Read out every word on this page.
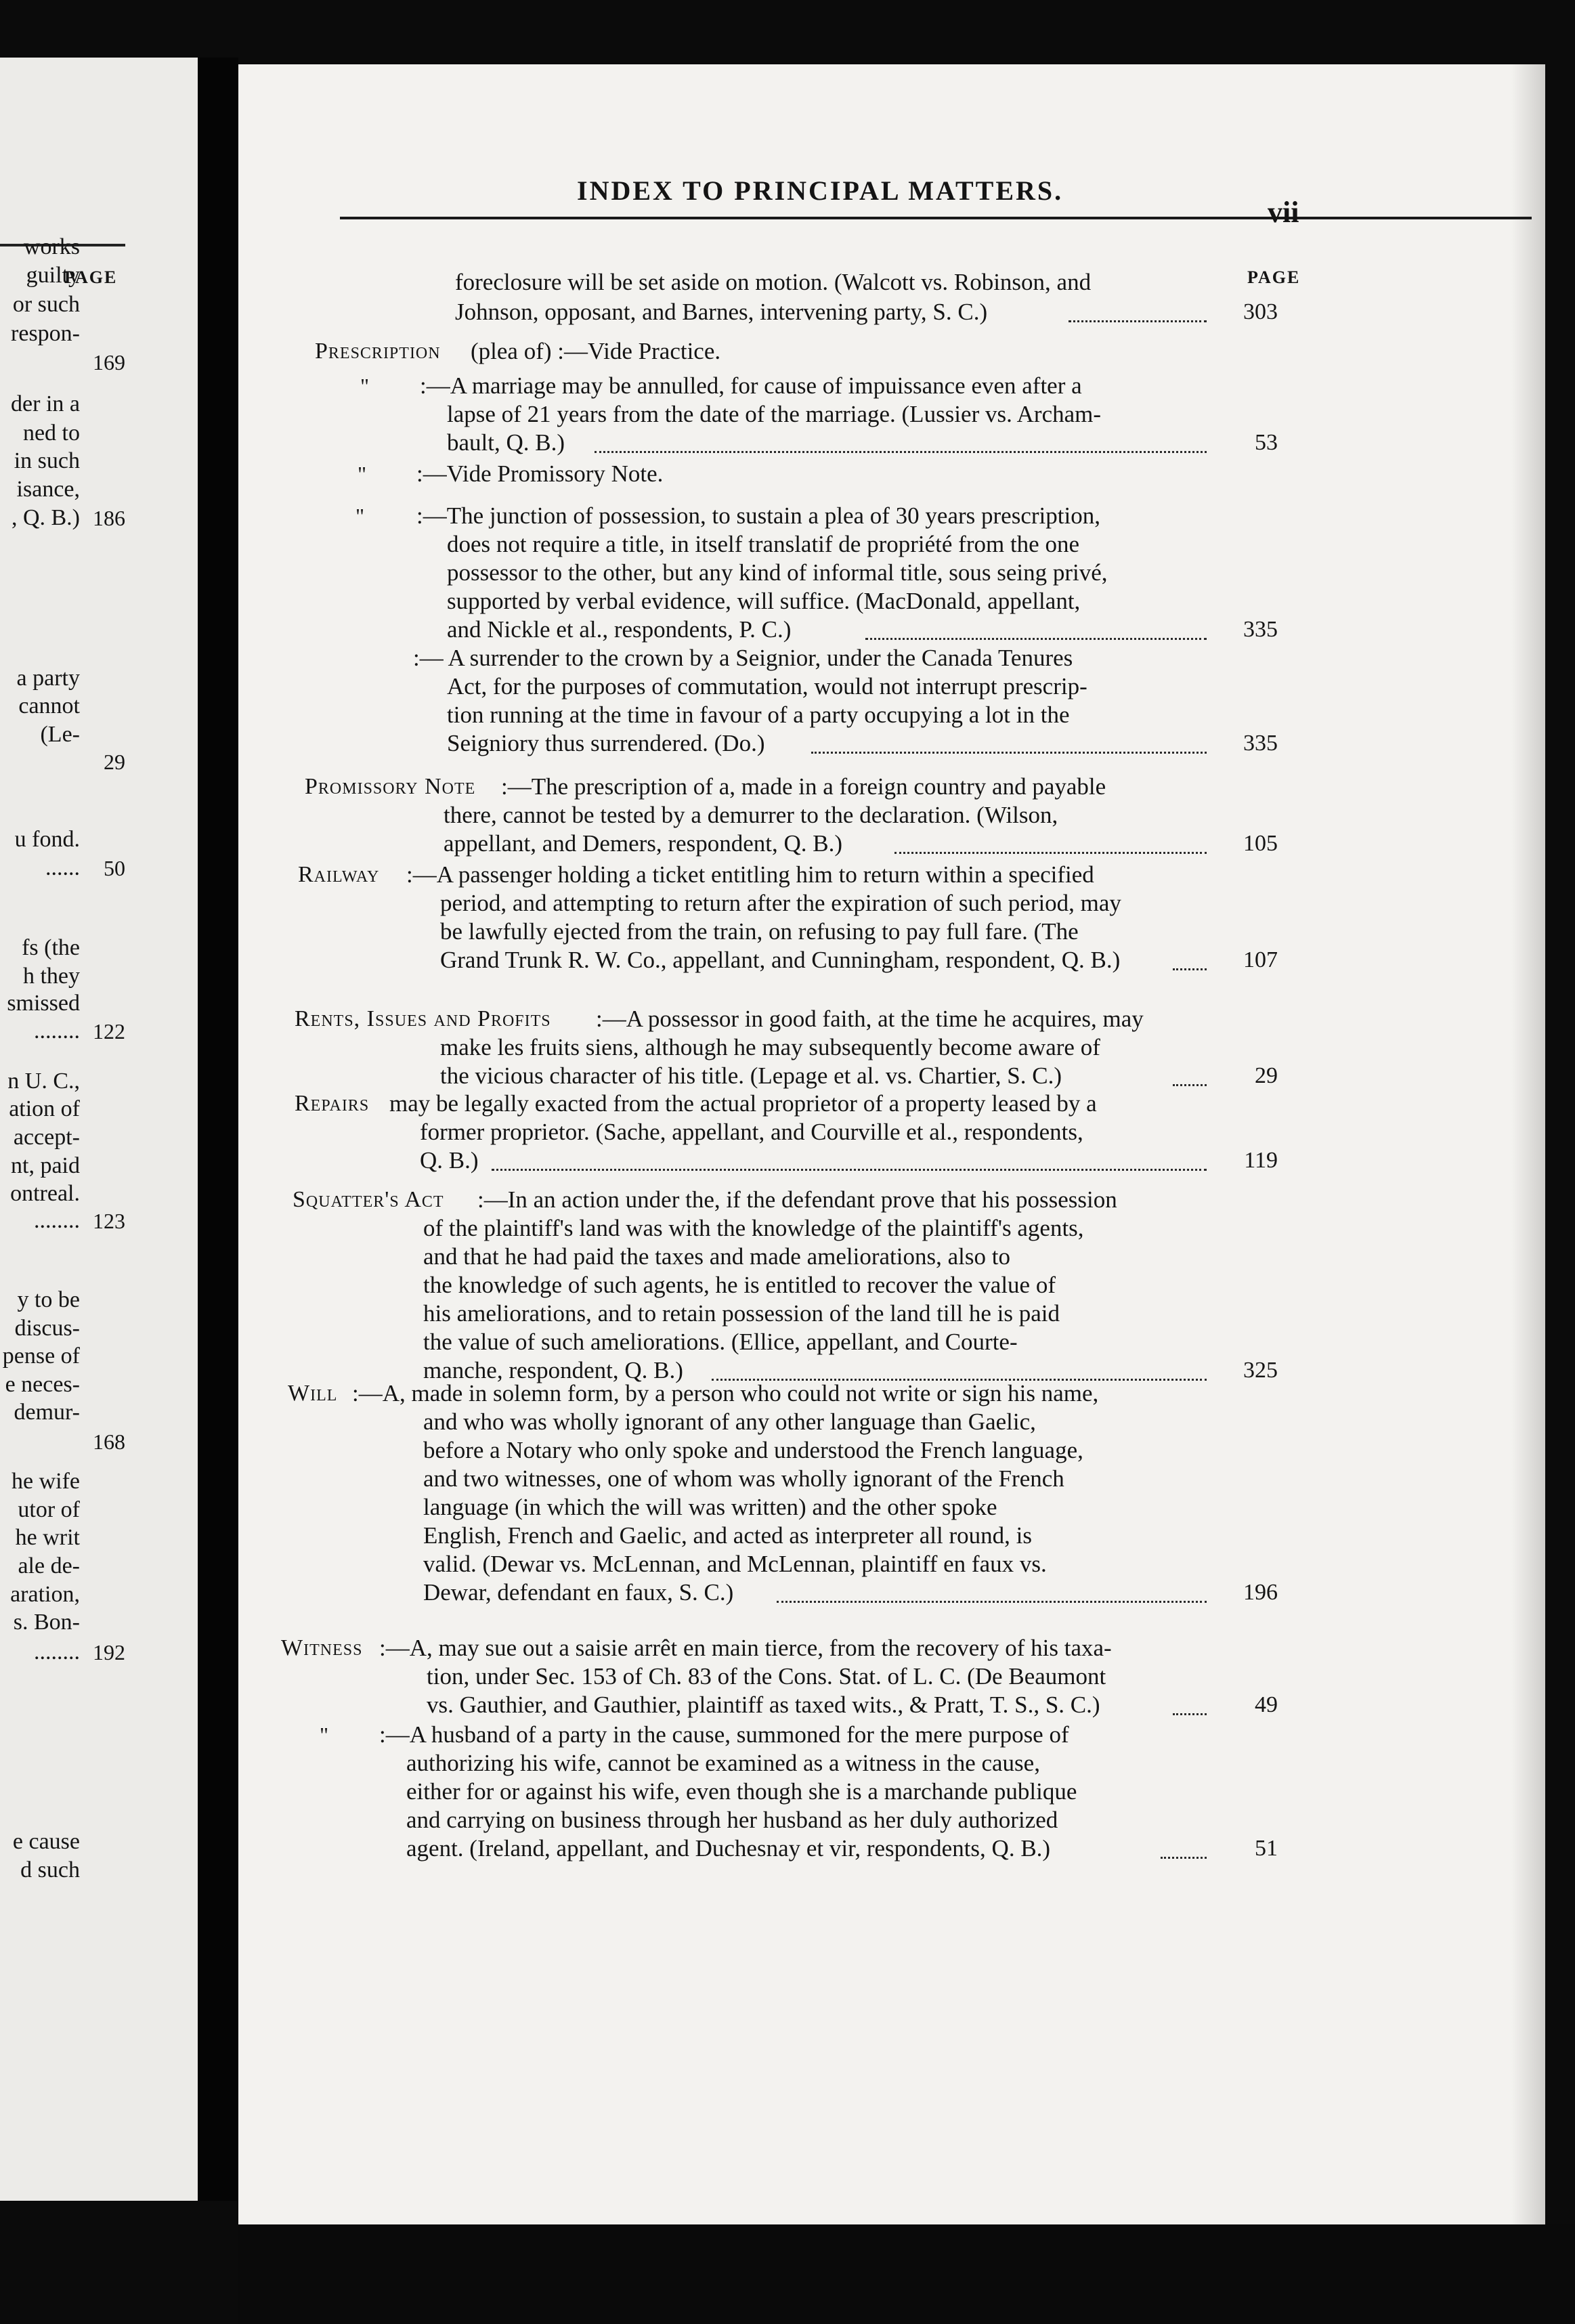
PAGE
works
guilty
or such
respon-
169
der in a
ned to
in such
isance,
, Q. B.) 186
a party
cannot
(Le-
29
u fond.
......	50
fs (the
h they
smissed
........ 122
n U. C.,
ation of
accept-
nt, paid
ontreal.
........ 123
y to be
discus-
pense of
e neces-
demur-
168
he wife
utor of
he writ
ale de-
aration,
s. Bon-
........ 192
e cause
d such
foreclosure will be set aside on motion. (Walcott vs. Robinson, and
Johnson, opposant, and Barnes, intervening party, S. C.)	303
Prescription (plea of) :—Vide Practice.
" :—A marriage may be annulled, for cause of impuissance even after a
lapse of 21 years from the date of the marriage. (Lussier vs. Archam-
bault, Q. B.)	53
" :—Vide Promissory Note.
" :—The junction of possession, to sustain a plea of 30 years prescription,
does not require a title, in itself translatif de propriété from the one
possessor to the other, but any kind of informal title, sous seing privé,
supported by verbal evidence, will suffice. (MacDonald, appellant,
and Nickle et al., respondents, P. C.)	335
:— A surrender to the crown by a Seignior, under the Canada Tenures
Act, for the purposes of commutation, would not interrupt prescrip-
tion running at the time in favour of a party occupying a lot in the
Seigniory thus surrendered. (Do.)	335
Promissory Note :—The prescription of a, made in a foreign country and payable
there, cannot be tested by a demurrer to the declaration. (Wilson,
appellant, and Demers, respondent, Q. B.)	105
Railway :—A passenger holding a ticket entitling him to return within a specified
period, and attempting to return after the expiration of such period, may
be lawfully ejected from the train, on refusing to pay full fare. (The
Grand Trunk R. W. Co., appellant, and Cunningham, respondent, Q. B.)	107
Rents, Issues and Profits :—A possessor in good faith, at the time he acquires, may
make les fruits siens, although he may subsequently become aware of
the vicious character of his title. (Lepage et al. vs. Chartier, S. C.)	29
Repairs may be legally exacted from the actual proprietor of a property leased by a
former proprietor. (Sache, appellant, and Courville et al., respondents,
Q. B.)	119
Squatter's Act :—In an action under the, if the defendant prove that his possession
of the plaintiff's land was with the knowledge of the plaintiff's agents,
and that he had paid the taxes and made ameliorations, also to
the knowledge of such agents, he is entitled to recover the value of
his ameliorations, and to retain possession of the land till he is paid
the value of such ameliorations. (Ellice, appellant, and Courte-
manche, respondent, Q. B.)	325
Will :—A, made in solemn form, by a person who could not write or sign his name,
and who was wholly ignorant of any other language than Gaelic,
before a Notary who only spoke and understood the French language,
and two witnesses, one of whom was wholly ignorant of the French
language (in which the will was written) and the other spoke
English, French and Gaelic, and acted as interpreter all round, is
valid. (Dewar vs. McLennan, and McLennan, plaintiff en faux vs.
Dewar, defendant en faux, S. C.)	196
Witness :—A, may sue out a saisie arrêt en main tierce, from the recovery of his taxa-
tion, under Sec. 153 of Ch. 83 of the Cons. Stat. of L. C. (De Beaumont
vs. Gauthier, and Gauthier, plaintiff as taxed wits., & Pratt, T. S., S. C.)	49
" :—A husband of a party in the cause, summoned for the mere purpose of
authorizing his wife, cannot be examined as a witness in the cause,
either for or against his wife, even though she is a marchande publique
and carrying on business through her husband as her duly authorized
agent. (Ireland, appellant, and Duchesnay et vir, respondents, Q. B.)	51
INDEX TO PRINCIPAL MATTERS.
vii
PAGE
